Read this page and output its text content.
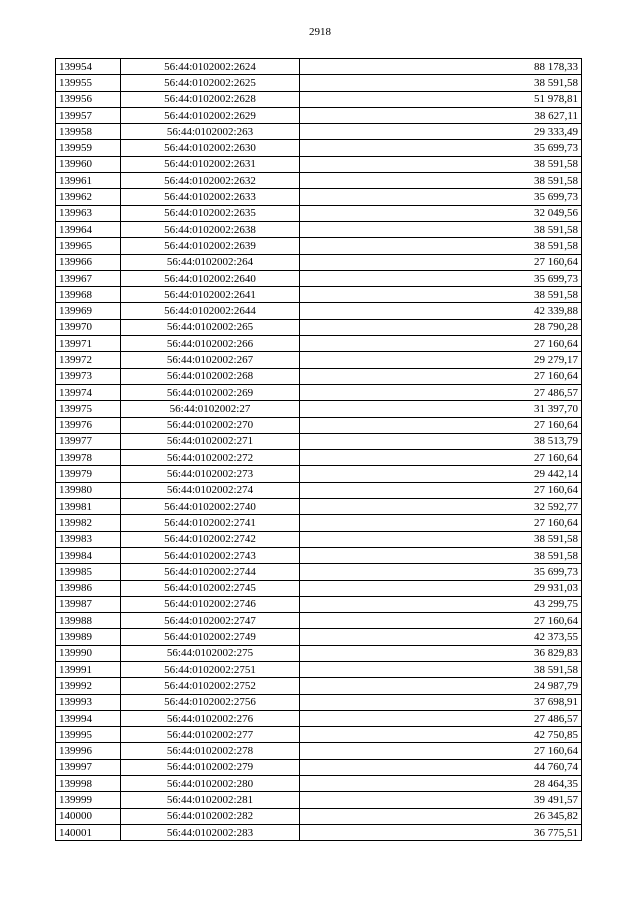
2918
139954	56:44:0102002:2624	88 178,33
139955	56:44:0102002:2625	38 591,58
139956	56:44:0102002:2628	51 978,81
139957	56:44:0102002:2629	38 627,11
139958	56:44:0102002:263	29 333,49
139959	56:44:0102002:2630	35 699,73
139960	56:44:0102002:2631	38 591,58
139961	56:44:0102002:2632	38 591,58
139962	56:44:0102002:2633	35 699,73
139963	56:44:0102002:2635	32 049,56
139964	56:44:0102002:2638	38 591,58
139965	56:44:0102002:2639	38 591,58
139966	56:44:0102002:264	27 160,64
139967	56:44:0102002:2640	35 699,73
139968	56:44:0102002:2641	38 591,58
139969	56:44:0102002:2644	42 339,88
139970	56:44:0102002:265	28 790,28
139971	56:44:0102002:266	27 160,64
139972	56:44:0102002:267	29 279,17
139973	56:44:0102002:268	27 160,64
139974	56:44:0102002:269	27 486,57
139975	56:44:0102002:27	31 397,70
139976	56:44:0102002:270	27 160,64
139977	56:44:0102002:271	38 513,79
139978	56:44:0102002:272	27 160,64
139979	56:44:0102002:273	29 442,14
139980	56:44:0102002:274	27 160,64
139981	56:44:0102002:2740	32 592,77
139982	56:44:0102002:2741	27 160,64
139983	56:44:0102002:2742	38 591,58
139984	56:44:0102002:2743	38 591,58
139985	56:44:0102002:2744	35 699,73
139986	56:44:0102002:2745	29 931,03
139987	56:44:0102002:2746	43 299,75
139988	56:44:0102002:2747	27 160,64
139989	56:44:0102002:2749	42 373,55
139990	56:44:0102002:275	36 829,83
139991	56:44:0102002:2751	38 591,58
139992	56:44:0102002:2752	24 987,79
139993	56:44:0102002:2756	37 698,91
139994	56:44:0102002:276	27 486,57
139995	56:44:0102002:277	42 750,85
139996	56:44:0102002:278	27 160,64
139997	56:44:0102002:279	44 760,74
139998	56:44:0102002:280	28 464,35
139999	56:44:0102002:281	39 491,57
140000	56:44:0102002:282	26 345,82
140001	56:44:0102002:283	36 775,51
